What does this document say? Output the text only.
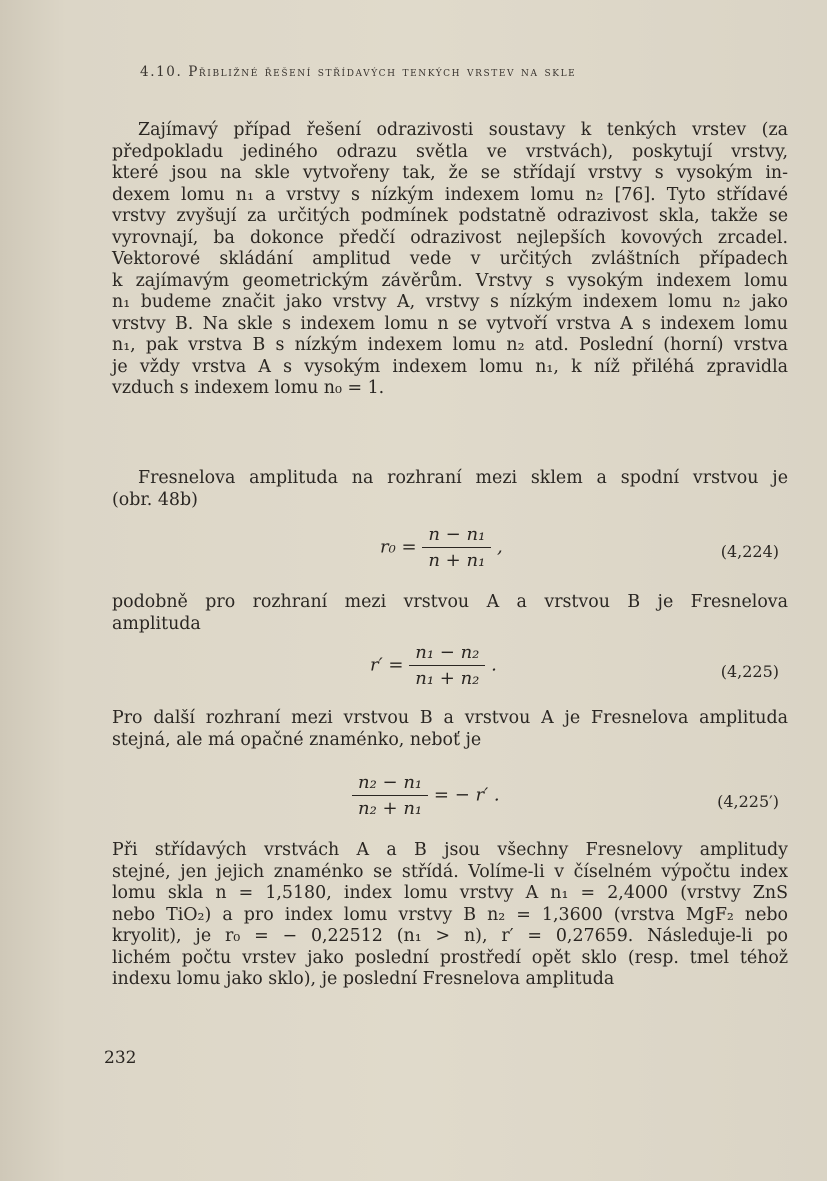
4.10. Přibližné řešení střídavých tenkých vrstev na skle
Zajímavý případ řešení odrazivosti soustavy k tenkých vrstev (za
předpokladu jediného odrazu světla ve vrstvách), poskytují vrstvy,
které jsou na skle vytvořeny tak, že se střídají vrstvy s vysokým in-
dexem lomu n₁ a vrstvy s nízkým indexem lomu n₂ [76]. Tyto střídavé
vrstvy zvyšují za určitých podmínek podstatně odrazivost skla, takže se
vyrovnají, ba dokonce předčí odrazivost nejlepších kovových zrcadel.
Vektorové skládání amplitud vede v určitých zvláštních případech
k zajímavým geometrickým závěrům. Vrstvy s vysokým indexem lomu
n₁ budeme značit jako vrstvy A, vrstvy s nízkým indexem lomu n₂ jako
vrstvy B. Na skle s indexem lomu n se vytvoří vrstva A s indexem lomu
n₁, pak vrstva B s nízkým indexem lomu n₂ atd. Poslední (horní) vrstva
je vždy vrstva A s vysokým indexem lomu n₁, k níž přiléhá zpravidla
vzduch s indexem lomu n₀ = 1.
Fresnelova amplituda na rozhraní mezi sklem a spodní vrstvou je
(obr. 48b)
$r_0 = \frac{\text{n − n₁}}{\text{n + n₁}}$ ,	(4,224)
podobně pro rozhraní mezi vrstvou A a vrstvou B je Fresnelova
amplituda
$r' = \frac{\text{n₁ − n₂}}{\text{n₁ + n₂}}$ .	(4,225)
Pro další rozhraní mezi vrstvou B a vrstvou A je Fresnelova amplituda
stejná, ale má opačné znaménko, neboť je
$\frac{\text{n₂ − n₁}}{\text{n₂ + n₁}}$ = − r′ .	(4,225′)
Při střídavých vrstvách A a B jsou všechny Fresnelovy amplitudy
stejné, jen jejich znaménko se střídá. Volíme-li v číselném výpočtu index
lomu skla n = 1,5180, index lomu vrstvy A n₁ = 2,4000 (vrstvy ZnS
nebo TiO₂) a pro index lomu vrstvy B n₂ = 1,3600 (vrstva MgF₂ nebo
kryolit), je r₀ = − 0,22512 (n₁ > n), r′ = 0,27659. Následuje-li po
lichém počtu vrstev jako poslední prostředí opět sklo (resp. tmel téhož
indexu lomu jako sklo), je poslední Fresnelova amplituda
232
